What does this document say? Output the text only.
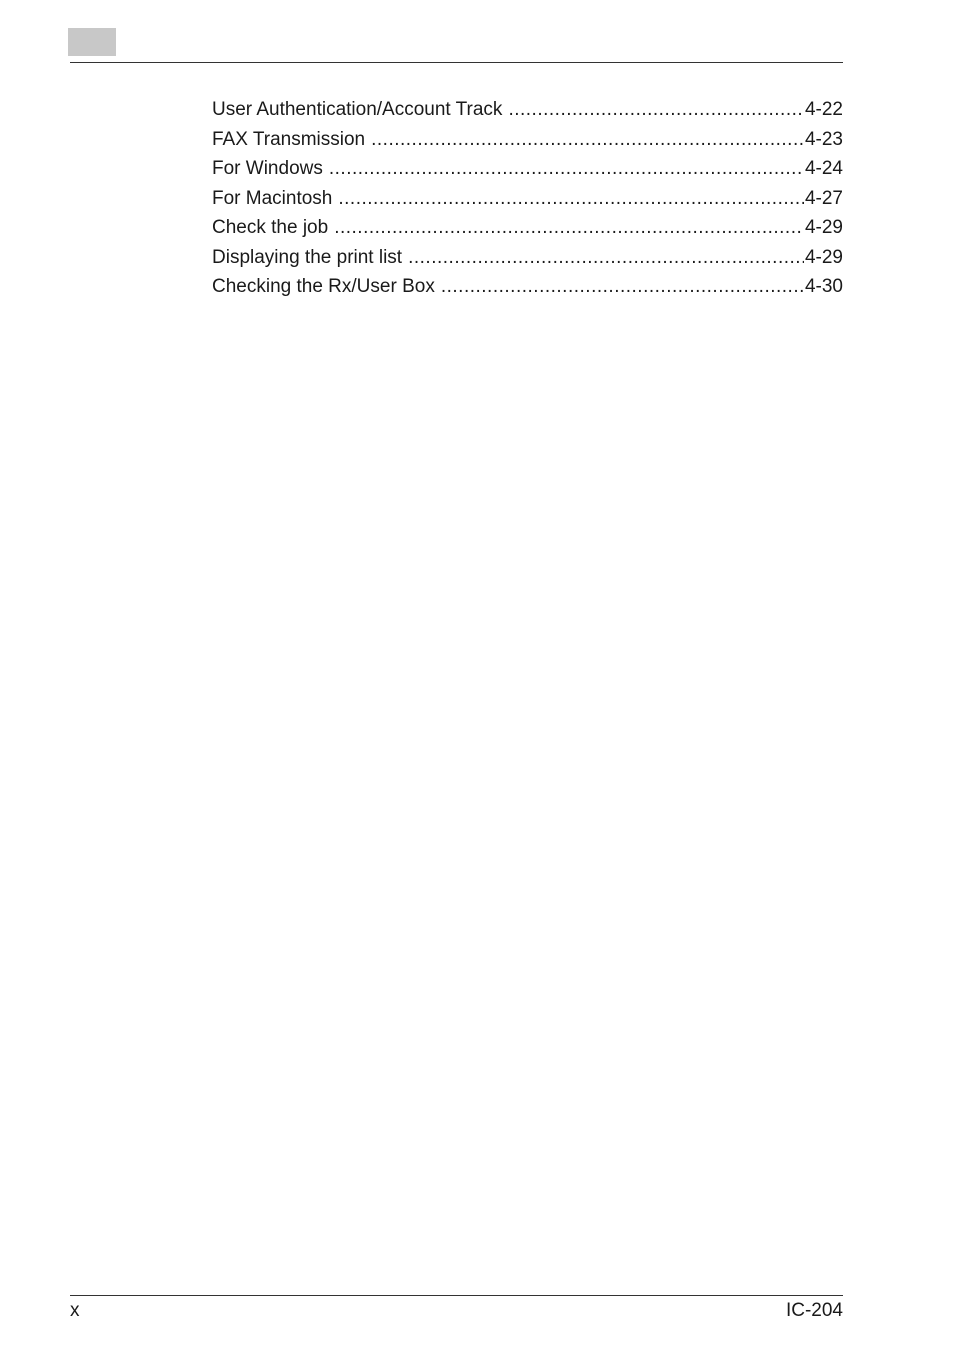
User Authentication/Account Track .....	4-22
FAX Transmission .....	4-23
For Windows .....	4-24
For Macintosh .....	4-27
Check the job .....	4-29
Displaying the print list .....	4-29
Checking the Rx/User Box .....	4-30
x	IC-204
